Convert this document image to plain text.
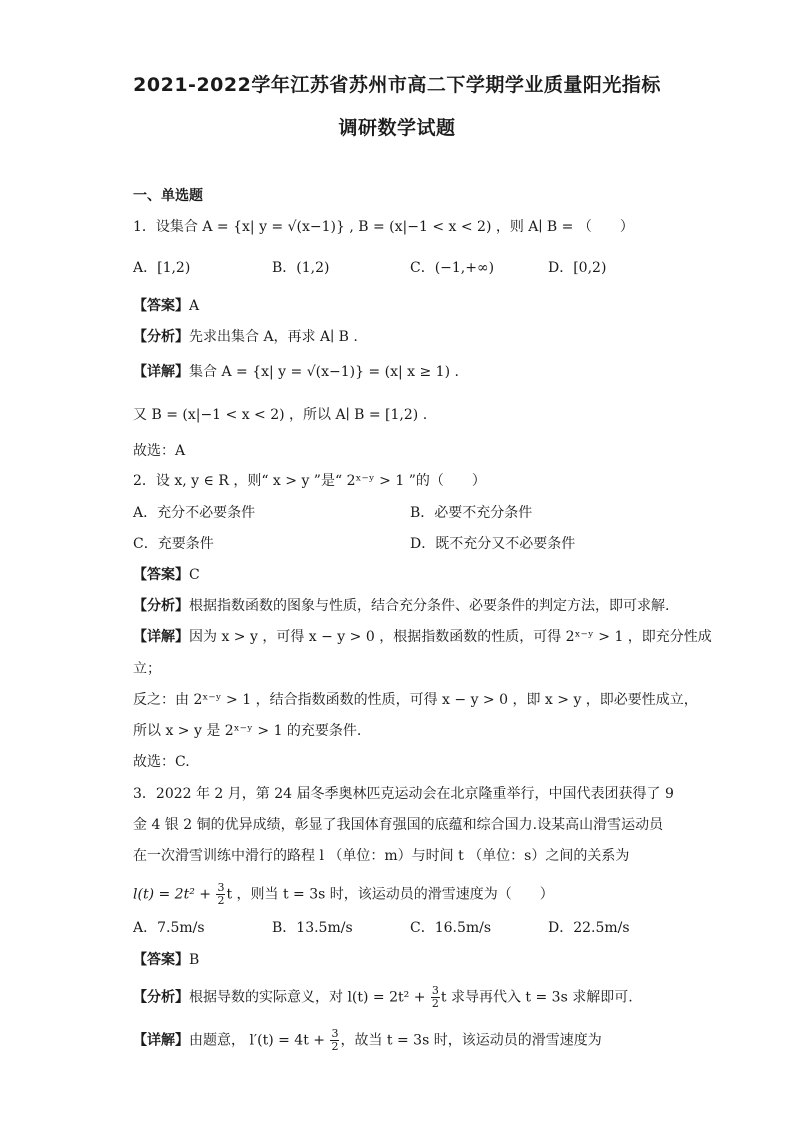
2021-2022学年江苏省苏州市高二下学期学业质量阳光指标
调研数学试题
一、单选题
1．设集合 A = {x| y = √(x−1)} , B = (x|−1 < x < 2) ，则 A∣ B = （　　）
A．[1,2)	B．(1,2)	C．(−1,+∞)	D．[0,2)
【答案】A
【分析】先求出集合 A，再求 A∣ B .
【详解】集合 A = {x| y = √(x−1)} = (x| x ≥ 1) .
又 B = (x|−1 < x < 2) ，所以 A∣ B = [1,2) .
故选：A
2．设 x, y ∈ R ，则“ x > y ”是“ 2ˣ⁻ʸ > 1 ”的（　　）
A．充分不必要条件	B．必要不充分条件
C．充要条件	D．既不充分又不必要条件
【答案】C
【分析】根据指数函数的图象与性质，结合充分条件、必要条件的判定方法，即可求解.
【详解】因为 x > y ，可得 x − y > 0 ，根据指数函数的性质，可得 2ˣ⁻ʸ > 1 ，即充分性成
立；
反之：由 2ˣ⁻ʸ > 1 ，结合指数函数的性质，可得 x − y > 0 ，即 x > y ，即必要性成立，
所以 x > y 是 2ˣ⁻ʸ > 1 的充要条件.
故选：C.
3．2022 年 2 月，第 24 届冬季奥林匹克运动会在北京隆重举行，中国代表团获得了 9
金 4 银 2 铜的优异成绩，彰显了我国体育强国的底蕴和综合国力.设某高山滑雪运动员
在一次滑雪训练中滑行的路程 l （单位：m）与时间 t （单位：s）之间的关系为
$l(t) = 2t^2 + \frac{3}{2}$ t ，则当 t = 3s 时，该运动员的滑雪速度为（　　）
A．7.5m/s	B．13.5m/s	C．16.5m/s	D．22.5m/s
【答案】B
【分析】根据导数的实际意义，对 $l(t) = 2t^2 + \frac{3}{2}$ t 求导再代入 t = 3s 求解即可.
【详解】由题意， $l'(t) = 4t + \frac{3}{2}$ ，故当 t = 3s 时，该运动员的滑雪速度为
